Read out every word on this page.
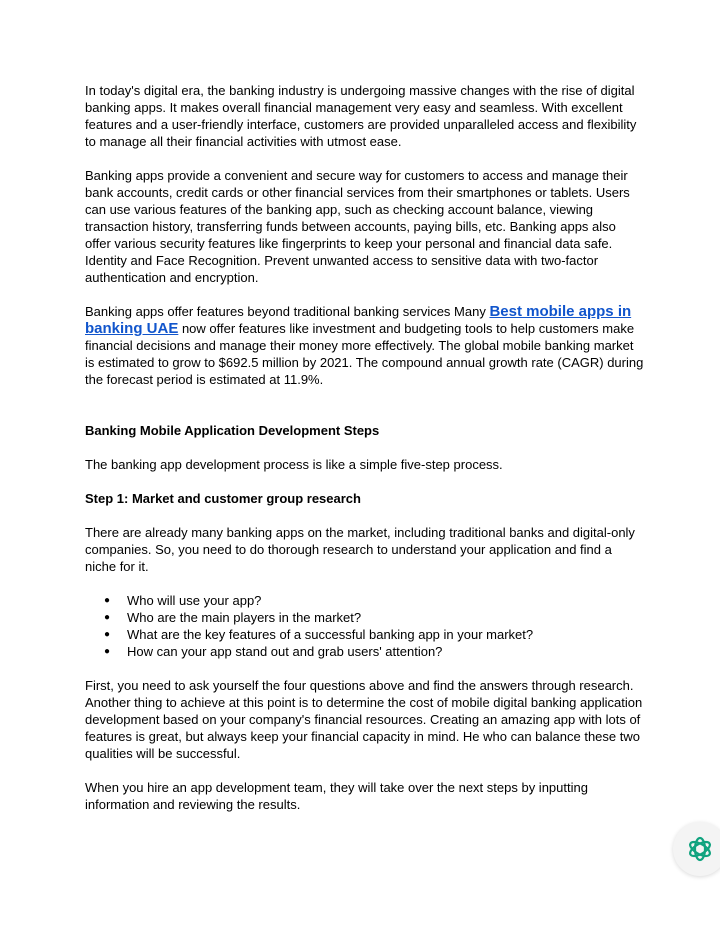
In today's digital era, the banking industry is undergoing massive changes with the rise of digital banking apps. It makes overall financial management very easy and seamless. With excellent features and a user-friendly interface, customers are provided unparalleled access and flexibility to manage all their financial activities with utmost ease.

Banking apps provide a convenient and secure way for customers to access and manage their bank accounts, credit cards or other financial services from their smartphones or tablets. Users can use various features of the banking app, such as checking account balance, viewing transaction history, transferring funds between accounts, paying bills, etc. Banking apps also offer various security features like fingerprints to keep your personal and financial data safe. Identity and Face Recognition. Prevent unwanted access to sensitive data with two-factor authentication and encryption.

Banking apps offer features beyond traditional banking services Many Best mobile apps in banking UAE now offer features like investment and budgeting tools to help customers make financial decisions and manage their money more effectively. The global mobile banking market is estimated to grow to $692.5 million by 2021. The compound annual growth rate (CAGR) during the forecast period is estimated at 11.9%.

Banking Mobile Application Development Steps

The banking app development process is like a simple five-step process.

Step 1: Market and customer group research

There are already many banking apps on the market, including traditional banks and digital-only companies. So, you need to do thorough research to understand your application and find a niche for it.

● Who will use your app?
● Who are the main players in the market?
● What are the key features of a successful banking app in your market?
● How can your app stand out and grab users' attention?

First, you need to ask yourself the four questions above and find the answers through research. Another thing to achieve at this point is to determine the cost of mobile digital banking application development based on your company's financial resources. Creating an amazing app with lots of features is great, but always keep your financial capacity in mind. He who can balance these two qualities will be successful.

When you hire an app development team, they will take over the next steps by inputting information and reviewing the results.
